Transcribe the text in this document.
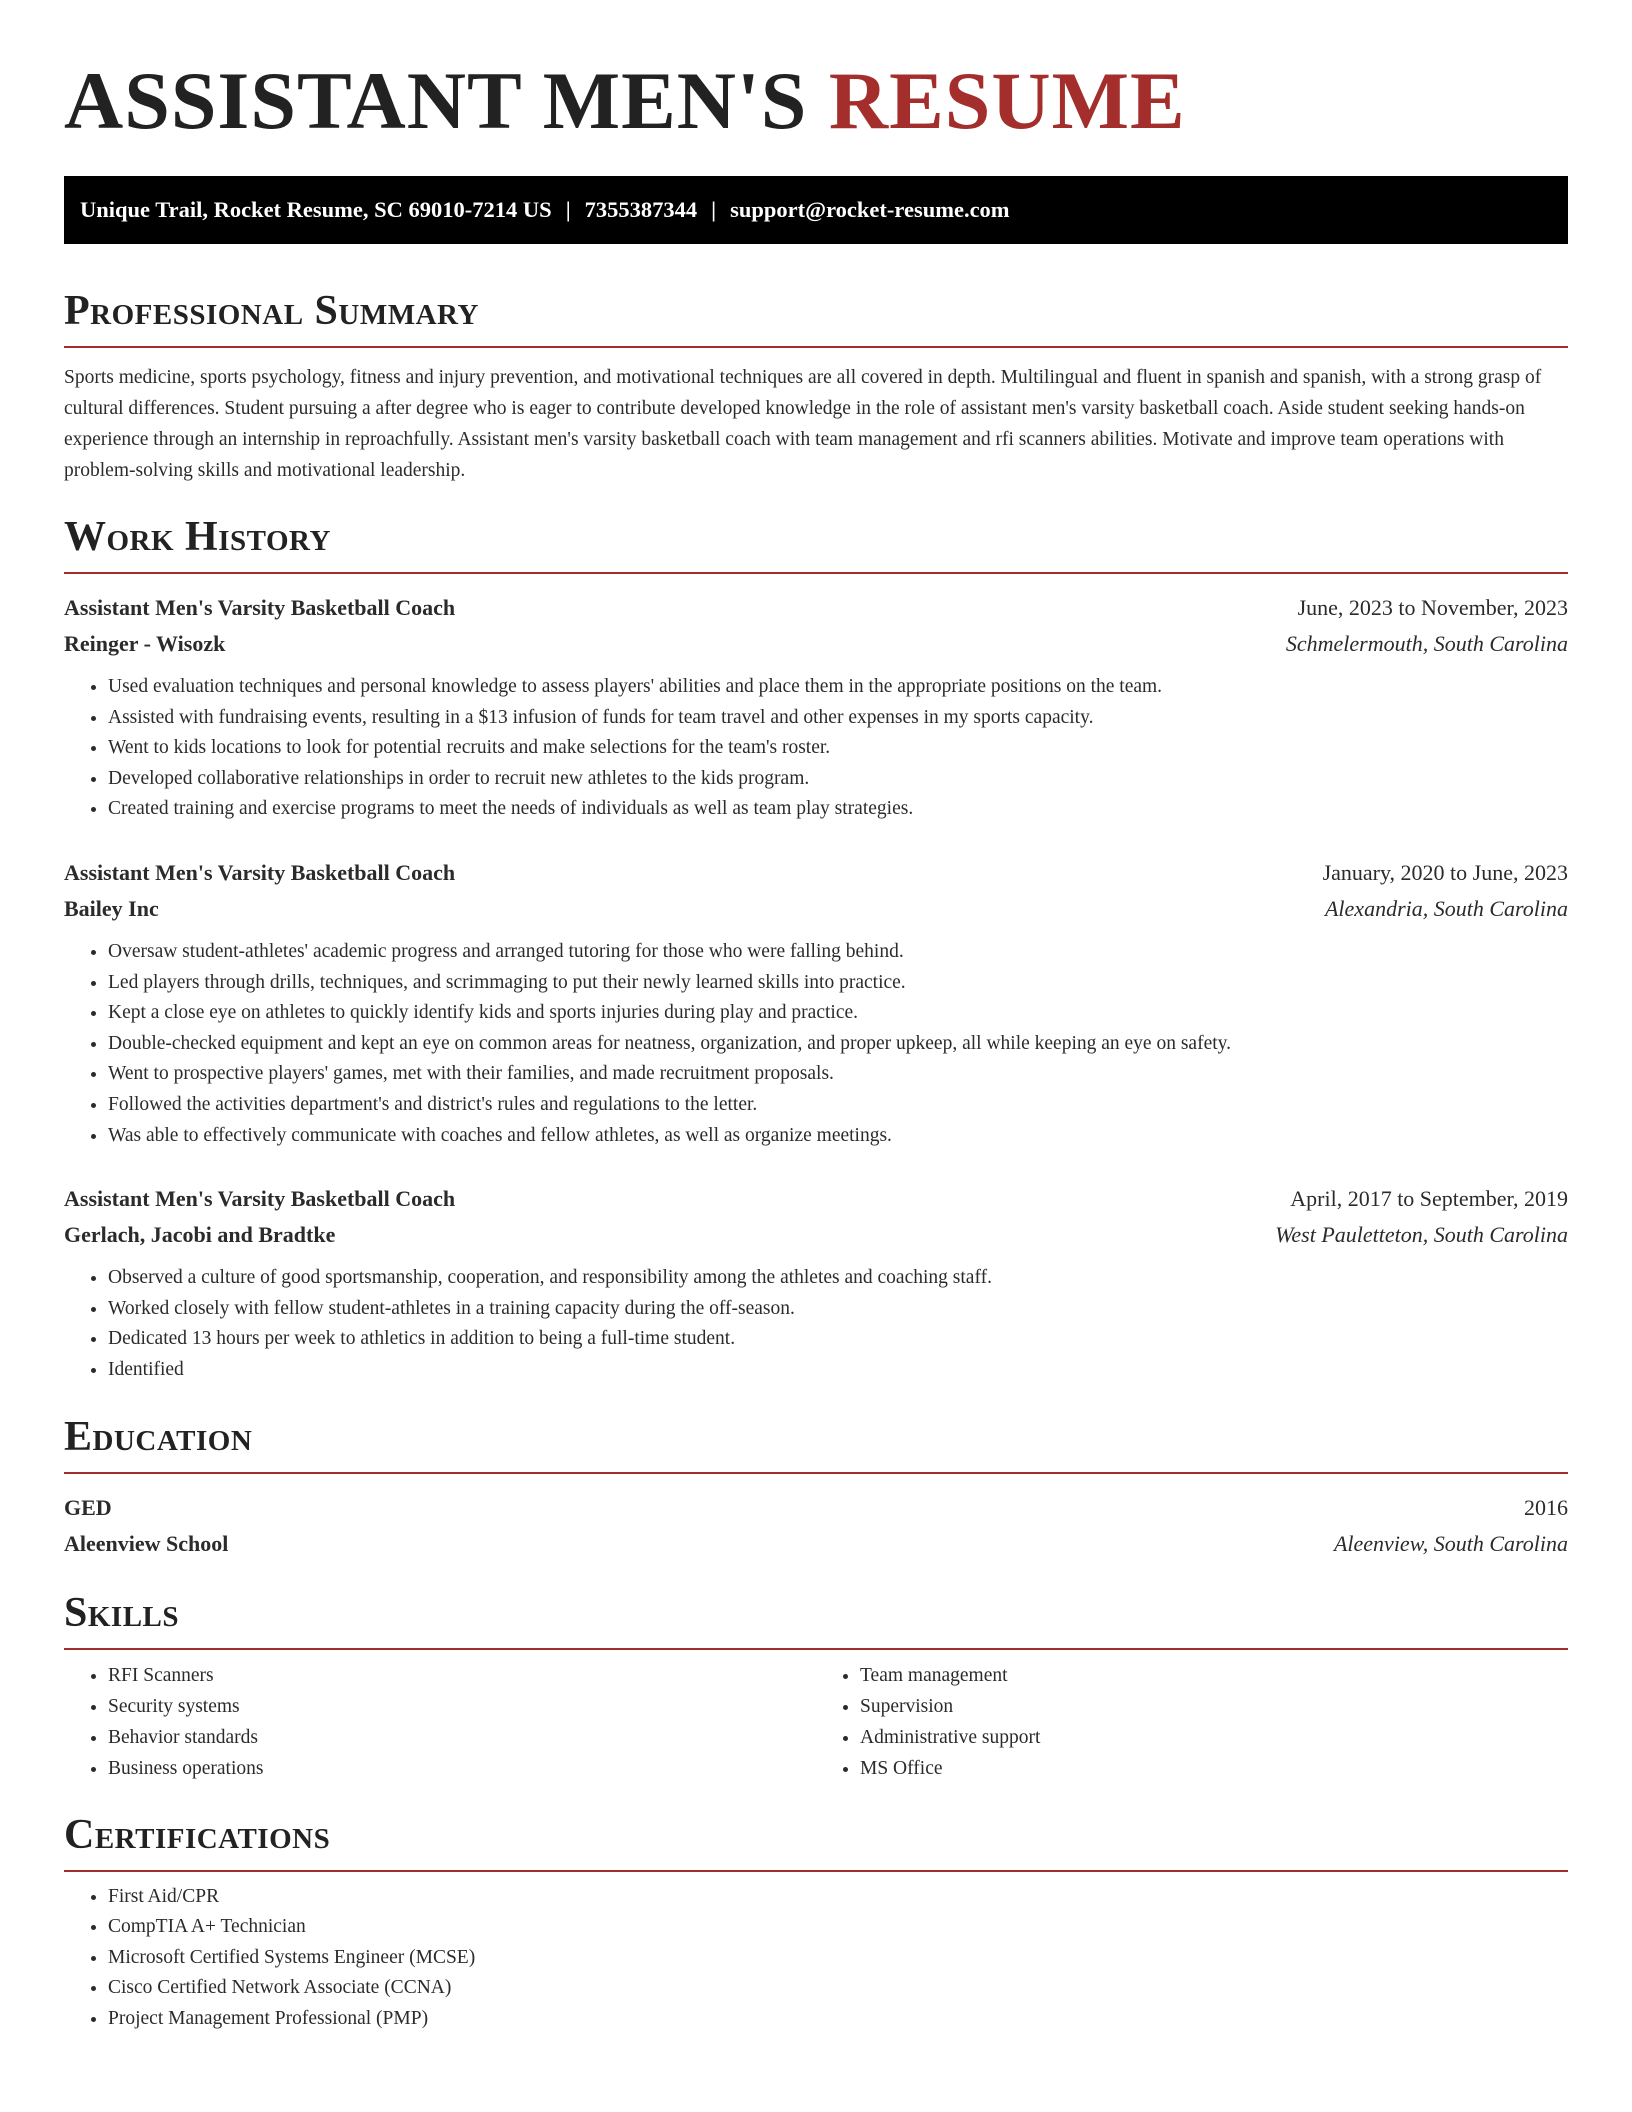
ASSISTANT MEN'S RESUME
Unique Trail, Rocket Resume, SC 69010-7214 US | 7355387344 | support@rocket-resume.com
Professional Summary

Sports medicine, sports psychology, fitness and injury prevention, and motivational techniques are all covered in depth. Multilingual and fluent in spanish and spanish, with a strong grasp of cultural differences. Student pursuing a after degree who is eager to contribute developed knowledge in the role of assistant men's varsity basketball coach. Aside student seeking hands-on experience through an internship in reproachfully. Assistant men's varsity basketball coach with team management and rfi scanners abilities. Motivate and improve team operations with problem-solving skills and motivational leadership.

Work History
Assistant Men's Varsity Basketball Coach	June, 2023 to November, 2023
Reinger - Wisozk	Schmelermouth, South Carolina
• Used evaluation techniques and personal knowledge to assess players' abilities and place them in the appropriate positions on the team.
• Assisted with fundraising events, resulting in a $13 infusion of funds for team travel and other expenses in my sports capacity.
• Went to kids locations to look for potential recruits and make selections for the team's roster.
• Developed collaborative relationships in order to recruit new athletes to the kids program.
• Created training and exercise programs to meet the needs of individuals as well as team play strategies.
Assistant Men's Varsity Basketball Coach	January, 2020 to June, 2023
Bailey Inc	Alexandria, South Carolina
• Oversaw student-athletes' academic progress and arranged tutoring for those who were falling behind.
• Led players through drills, techniques, and scrimmaging to put their newly learned skills into practice.
• Kept a close eye on athletes to quickly identify kids and sports injuries during play and practice.
• Double-checked equipment and kept an eye on common areas for neatness, organization, and proper upkeep, all while keeping an eye on safety.
• Went to prospective players' games, met with their families, and made recruitment proposals.
• Followed the activities department's and district's rules and regulations to the letter.
• Was able to effectively communicate with coaches and fellow athletes, as well as organize meetings.
Assistant Men's Varsity Basketball Coach	April, 2017 to September, 2019
Gerlach, Jacobi and Bradtke	West Pauletteton, South Carolina
• Observed a culture of good sportsmanship, cooperation, and responsibility among the athletes and coaching staff.
• Worked closely with fellow student-athletes in a training capacity during the off-season.
• Dedicated 13 hours per week to athletics in addition to being a full-time student.
• Identified
Education
GED	2016
Aleenview School	Aleenview, South Carolina
Skills
• RFI Scanners
• Security systems
• Behavior standards
• Business operations
• Team management
• Supervision
• Administrative support
• MS Office
Certifications
• First Aid/CPR
• CompTIA A+ Technician
• Microsoft Certified Systems Engineer (MCSE)
• Cisco Certified Network Associate (CCNA)
• Project Management Professional (PMP)
